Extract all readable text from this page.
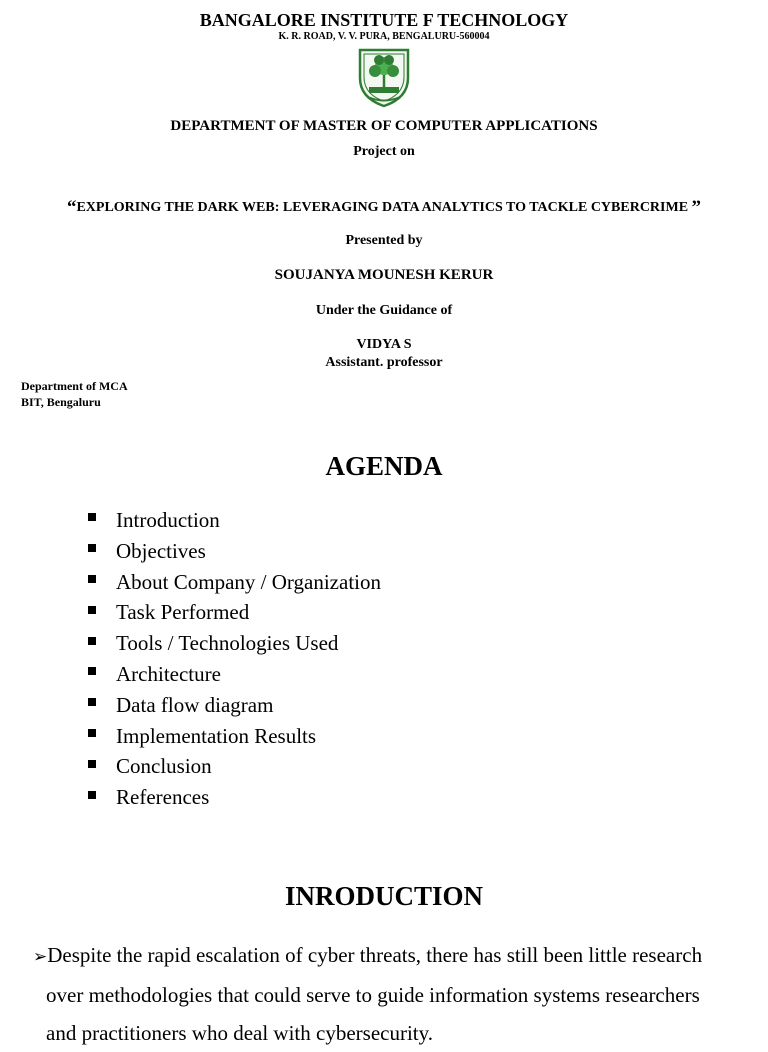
BANGALORE INSTITUTE F TECHNOLOGY
K. R. ROAD, V. V. PURA, BENGALURU-560004
DEPARTMENT OF MASTER OF COMPUTER APPLICATIONS
Project on
“EXPLORING THE DARK WEB: LEVERAGING DATA ANALYTICS TO TACKLE CYBERCRIME ”
Presented by
SOUJANYA MOUNESH KERUR
Under the Guidance of
VIDYA S
Assistant. professor
Department of MCA
BIT, Bengaluru
AGENDA
Introduction
Objectives
About Company / Organization
Task Performed
Tools / Technologies Used
Architecture
Data flow diagram
Implementation Results
Conclusion
References
INRODUCTION
➢Despite the rapid escalation of cyber threats, there has still been little research
over methodologies that could serve to guide information systems researchers
and practitioners who deal with cybersecurity.
